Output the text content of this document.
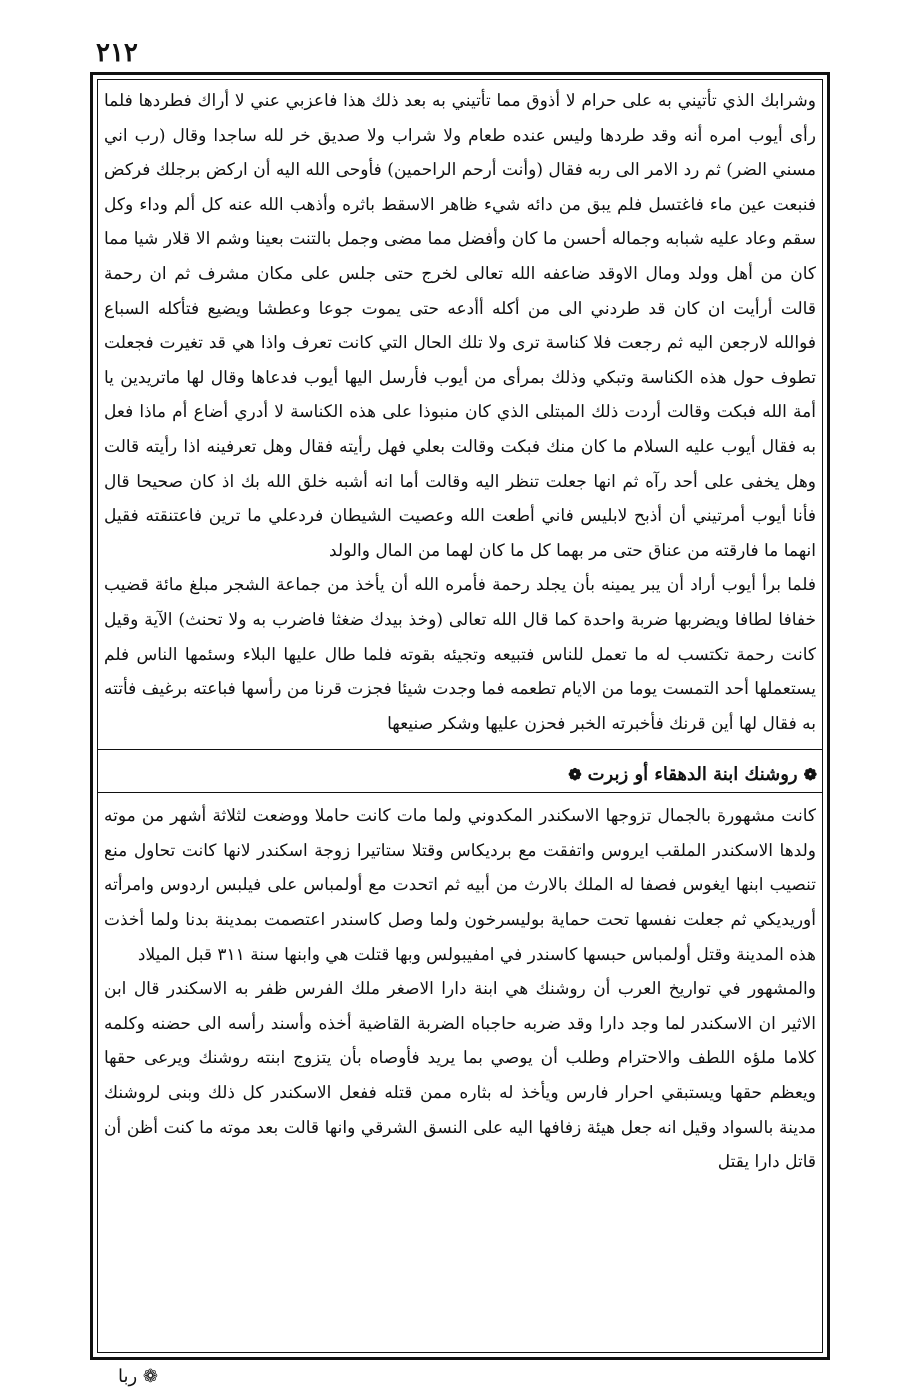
٢١٢

وشرابك الذي تأتيني به على حرام لا أذوق مما تأتيني به بعد ذلك هذا فاعزبي عني لا أراك فطردها فلما رأى أيوب امره أنه وقد طردها وليس عنده طعام ولا شراب ولا صديق خر لله ساجدا وقال (رب اني مسني الضر) ثم رد الامر الى ربه فقال (وأنت أرحم الراحمين) فأوحى الله اليه أن اركض برجلك فركض فنبعت عين ماء فاغتسل فلم يبق من دائه شيء ظاهر الاسقط باثره وأذهب الله عنه كل ألم وداء وكل سقم وعاد عليه شبابه وجماله أحسن ما كان وأفضل مما مضى وجمل بالتنت بعينا وشم الا قلار شيا مما كان من أهل وولد ومال الاوقد ضاعفه الله تعالى لخرج حتى جلس على مكان مشرف ثم ان رحمة قالت أرأيت ان كان قد طردني الى من أكله أأدعه حتى يموت جوعا وعطشا ويضيع فتأكله السباع فوالله لارجعن اليه ثم رجعت فلا كناسة ترى ولا تلك الحال التي كانت تعرف واذا هي قد تغيرت فجعلت تطوف حول هذه الكناسة وتبكي وذلك بمرأى من أيوب فأرسل اليها أيوب فدعاها وقال لها ماتريدين يا أمة الله فبكت وقالت أردت ذلك المبتلى الذي كان منبوذا على هذه الكناسة لا أدري أضاع أم ماذا فعل به فقال أيوب عليه السلام ما كان منك فبكت وقالت بعلي فهل رأيته فقال وهل تعرفينه اذا رأيته قالت وهل يخفى على أحد رآه ثم انها جعلت تنظر اليه وقالت أما انه أشبه خلق الله بك اذ كان صحيحا قال فأنا أيوب أمرتيني أن أذبح لابليس فاني أطعت الله وعصيت الشيطان فردعلي ما ترين فاعتنقته فقيل انهما ما فارقته من عناق حتى مر بهما كل ما كان لهما من المال والولد

فلما برأ أيوب أراد أن يبر يمينه بأن يجلد رحمة فأمره الله أن يأخذ من جماعة الشجر مبلغ مائة قضيب خفافا لطافا ويضربها ضربة واحدة كما قال الله تعالى (وخذ بيدك ضغثا فاضرب به ولا تحنث) الآية وقيل كانت رحمة تكتسب له ما تعمل للناس فتبيعه وتجيئه بقوته فلما طال عليها البلاء وسئمها الناس فلم يستعملها أحد التمست يوما من الايام تطعمه فما وجدت شيئا فجزت قرنا من رأسها فباعته برغيف فأتته به فقال لها أين قرنك فأخبرته الخبر فحزن عليها وشكر صنيعها

❁روشنك ابنة الدهقاء أو زبرت❁

كانت مشهورة بالجمال تزوجها الاسكندر المكدوني ولما مات كانت حاملا ووضعت لثلاثة أشهر من موته ولدها الاسكندر الملقب ايروس واتفقت مع برديكاس وقتلا ستاتيرا زوجة اسكندر لانها كانت تحاول منع تنصيب ابنها ايغوس فصفا له الملك بالارث من أبيه ثم اتحدت مع أولمباس على فيلبس اردوس وامرأته أوريديكي ثم جعلت نفسها تحت حماية بوليسرخون ولما وصل كاسندر اعتصمت بمدينة بدنا ولما أخذت هذه المدينة وقتل أولمباس حبسها كاسندر في امفيبولس وبها قتلت هي وابنها سنة ٣١١ قبل الميلاد

والمشهور في تواريخ العرب أن روشنك هي ابنة دارا الاصغر ملك الفرس ظفر به الاسكندر قال ابن الاثير ان الاسكندر لما وجد دارا وقد ضربه حاجباه الضربة القاضية أخذه وأسند رأسه الى حضنه وكلمه كلاما ملؤه اللطف والاحترام وطلب أن يوصي بما يريد فأوصاه بأن يتزوج ابنته روشنك ويرعى حقها ويعظم حقها ويستبقي احرار فارس ويأخذ له بثاره ممن قتله ففعل الاسكندر كل ذلك وبنى لروشنك مدينة بالسواد وقيل انه جعل هيئة زفافها اليه على النسق الشرقي وانها قالت بعد موته ما كنت أظن أن قاتل دارا يقتل

❁ ربا
